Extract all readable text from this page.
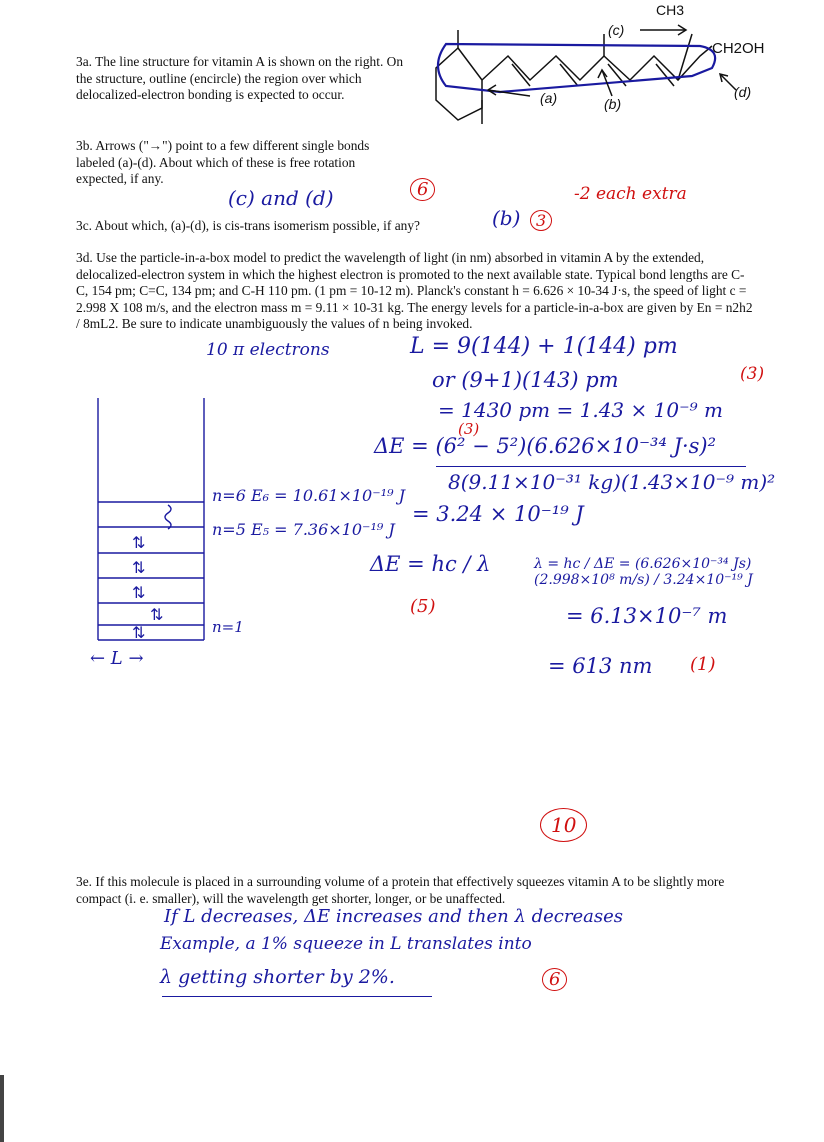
CH3
CH2OH
(a)	(b)
(c)
(d)
3a. The line structure for vitamin A is shown on the right. On the structure, outline (encircle) the region over which delocalized-electron bonding is expected to occur.
3b. Arrows ("→") point to a few different single bonds labeled (a)-(d). About which of these is free rotation expected, if any.
3c. About which, (a)-(d), is cis-trans isomerism possible, if any?
3d. Use the particle-in-a-box model to predict the wavelength of light (in nm) absorbed in vitamin A by the extended, delocalized-electron system in which the highest electron is promoted to the next available state. Typical bond lengths are C-C, 154 pm; C=C, 134 pm; and C-H 110 pm. (1 pm = 10-12 m). Planck's constant h = 6.626 × 10-34 J·s, the speed of light c = 2.998 X 108 m/s, and the electron mass m = 9.11 × 10-31 kg. The energy levels for a particle-in-a-box are given by En = n2h2 / 8mL2. Be sure to indicate unambiguously the values of n being invoked.
3e. If this molecule is placed in a surrounding volume of a protein that effectively squeezes vitamin A to be slightly more compact (i. e. smaller), will the wavelength get shorter, longer, or be unaffected.
(c) and (d)	6
(b) 3
-2 each extra
⇅
⇅
⇅
⇅
⇅
n=6 E₆ = 10.61×10⁻¹⁹ J
n=5 E₅ = 7.36×10⁻¹⁹ J
n=1
← L →
10 π electrons	L = 9(144) + 1(144) pm
or (9+1)(143) pm
= 1430 pm = 1.43 × 10⁻⁹ m
(3)
(3)
ΔE = (6² − 5²)(6.626×10⁻³⁴ J·s)²
8(9.11×10⁻³¹ kg)(1.43×10⁻⁹ m)²
= 3.24 × 10⁻¹⁹ J
ΔE = hc / λ
(5)
λ = hc / ΔE = (6.626×10⁻³⁴ Js)(2.998×10⁸ m/s) / 3.24×10⁻¹⁹ J
= 6.13×10⁻⁷ m
= 613 nm (1)
10
If L decreases, ΔE increases and then λ decreases
Example, a 1% squeeze in L translates into
λ getting shorter by 2%.	6
